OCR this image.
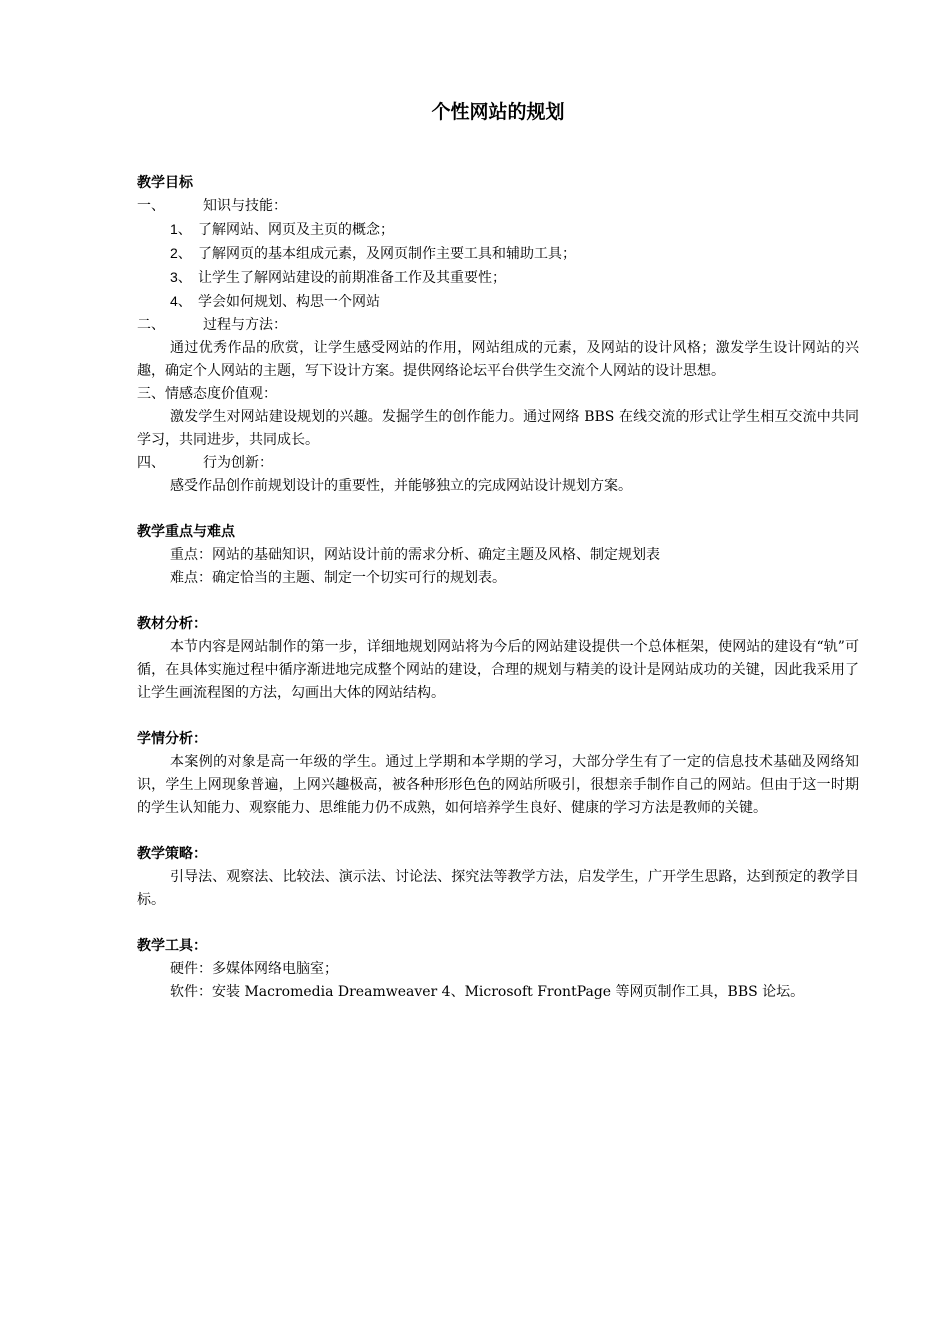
个性网站的规划
教学目标
一、	知识与技能：
1、 了解网站、网页及主页的概念；
2、 了解网页的基本组成元素，及网页制作主要工具和辅助工具；
3、 让学生了解网站建设的前期准备工作及其重要性；
4、 学会如何规划、构思一个网站
二、	过程与方法：
通过优秀作品的欣赏，让学生感受网站的作用，网站组成的元素，及网站的设计风格；激发学生设计网站的兴趣，确定个人网站的主题，写下设计方案。提供网络论坛平台供学生交流个人网站的设计思想。
三、情感态度价值观：
激发学生对网站建设规划的兴趣。发掘学生的创作能力。通过网络 BBS 在线交流的形式让学生相互交流中共同学习，共同进步，共同成长。
四、	行为创新：
感受作品创作前规划设计的重要性，并能够独立的完成网站设计规划方案。
教学重点与难点
重点：网站的基础知识，网站设计前的需求分析、确定主题及风格、制定规划表
难点：确定恰当的主题、制定一个切实可行的规划表。
教材分析：
本节内容是网站制作的第一步，详细地规划网站将为今后的网站建设提供一个总体框架，使网站的建设有“轨”可循，在具体实施过程中循序渐进地完成整个网站的建设，合理的规划与精美的设计是网站成功的关键，因此我采用了让学生画流程图的方法，勾画出大体的网站结构。
学情分析：
本案例的对象是高一年级的学生。通过上学期和本学期的学习，大部分学生有了一定的信息技术基础及网络知识，学生上网现象普遍，上网兴趣极高，被各种形形色色的网站所吸引，很想亲手制作自己的网站。但由于这一时期的学生认知能力、观察能力、思维能力仍不成熟，如何培养学生良好、健康的学习方法是教师的关键。
教学策略：
引导法、观察法、比较法、演示法、讨论法、探究法等教学方法，启发学生，广开学生思路，达到预定的教学目标。
教学工具：
硬件：多媒体网络电脑室；
软件：安装 Macromedia Dreamweaver 4、Microsoft FrontPage 等网页制作工具，BBS 论坛。
